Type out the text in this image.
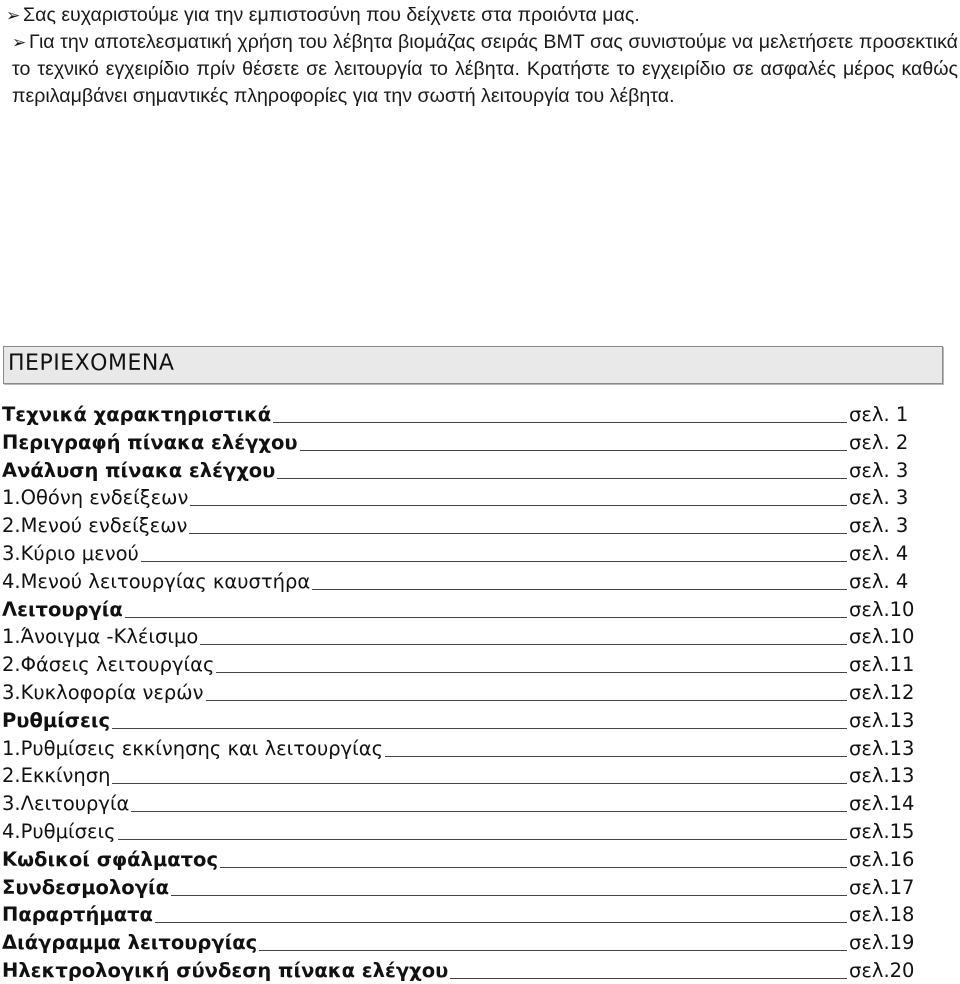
➢ Σας ευχαριστούμε για την εμπιστοσύνη που δείχνετε στα προιόντα μας.

➢ Για την αποτελεσματική χρήση του λέβητα βιομάζας σειράς BMT σας συνιστούμε να μελετήσετε προσεκτικά το τεχνικό εγχειρίδιο πρίν θέσετε σε λειτουργία το λέβητα. Κρατήστε το εγχειρίδιο σε ασφαλές μέρος καθώς περιλαμβάνει σημαντικές πληροφορίες για την σωστή λειτουργία του λέβητα.

ΠΕΡΙΕΧΟΜΕΝΑ
Τεχνικά χαρακτηριστικά	σελ. 1
Περιγραφή πίνακα ελέγχου	σελ. 2
Ανάλυση πίνακα ελέγχου	σελ. 3
1.Οθόνη ενδείξεων	σελ. 3
2.Μενού ενδείξεων	σελ. 3
3.Κύριο μενού	σελ. 4
4.Μενού λειτουργίας καυστήρα	σελ. 4
Λειτουργία	σελ.10
1.Άνοιγμα -Κλέισιμο	σελ.10
2.Φάσεις λειτουργίας	σελ.11
3.Κυκλοφορία νερών	σελ.12
Ρυθμίσεις	σελ.13
1.Ρυθμίσεις εκκίνησης και λειτουργίας	σελ.13
2.Εκκίνηση	σελ.13
3.Λειτουργία	σελ.14
4.Ρυθμίσεις	σελ.15
Κωδικοί σφάλματος	σελ.16
Συνδεσμολογία	σελ.17
Παραρτήματα	σελ.18
Διάγραμμα λειτουργίας	σελ.19
Ηλεκτρολογική σύνδεση πίνακα ελέγχου	σελ.20
